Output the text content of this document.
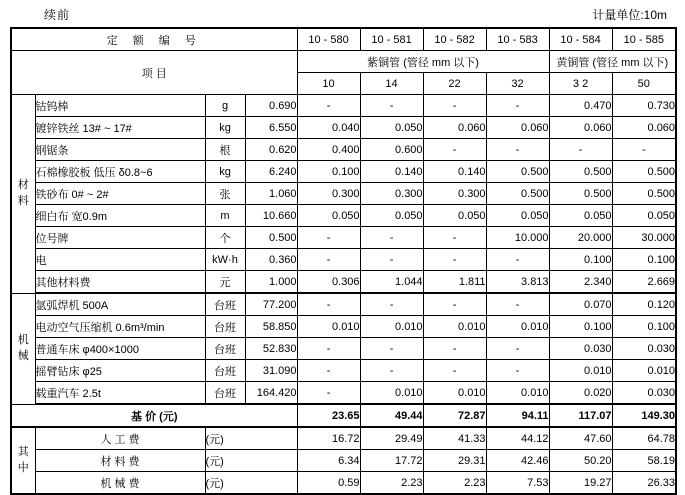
续前	计量单位:10m
定 额 编 号				10 - 580	10 - 581	10 - 582	10 - 583	10 - 584	10 - 585
项 目				紫铜管 (管径 mm 以下)				黄铜管 (管径 mm 以下)	
				10	14	22	32	3 2	50

材
料	钴钨棒	g	0.690	-	-	-	-	0.470	0.730
	镀锌铁丝 13# ~ 17#	kg	6.550	0.040	0.050	0.060	0.060	0.060	0.060
	钢锯条	根	0.620	0.400	0.600	-	-	-	-
	石棉橡胶板 低压 δ0.8~6	kg	6.240	0.100	0.140	0.140	0.500	0.500	0.500
	铁砂布 0# ~ 2#	张	1.060	0.300	0.300	0.300	0.500	0.500	0.500
	细白布 宽0.9m	m	10.660	0.050	0.050	0.050	0.050	0.050	0.050
	位号牌	个	0.500	-	-	-	10.000	20.000	30.000
	电	kW·h	0.360	-	-	-	-	0.100	0.100
	其他材料费	元	1.000	0.306	1.044	1.811	3.813	2.340	2.669

机
械	氩弧焊机 500A	台班	77.200	-	-	-	-	0.070	0.120
	电动空气压缩机 0.6m³/min	台班	58.850	0.010	0.010	0.010	0.010	0.100	0.100
	普通车床 φ400×1000	台班	52.830	-	-	-	-	0.030	0.030
	摇臂钻床 φ25	台班	31.090	-	-	-	-	0.010	0.010
	载重汽车 2.5t	台班	164.420	-	0.010	0.010	0.010	0.020	0.030
基 价 (元)				23.65	49.44	72.87	94.11	117.07	149.30

其
中	人 工 费	(元)		16.72	29.49	41.33	44.12	47.60	64.78
	材 料 费	(元)		6.34	17.72	29.31	42.46	50.20	58.19
	机 械 费	(元)		0.59	2.23	2.23	7.53	19.27	26.33
